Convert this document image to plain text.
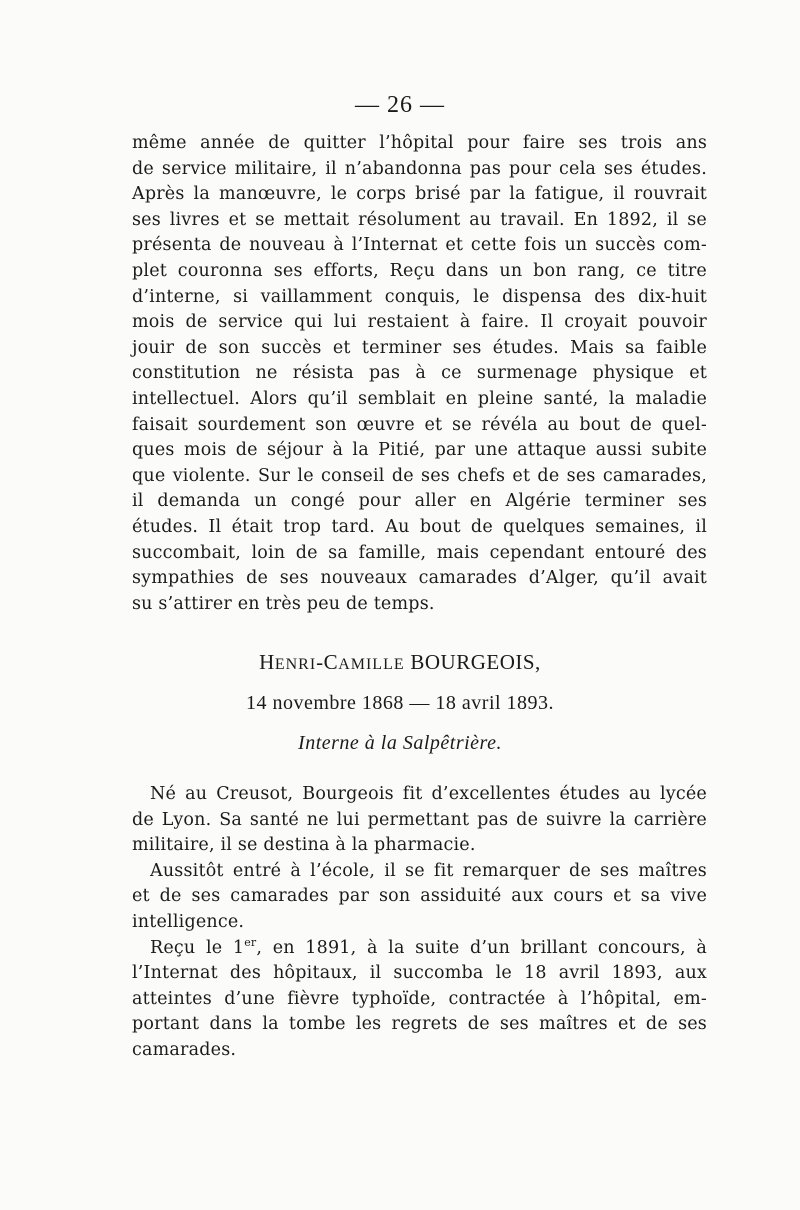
— 26 —
même année de quitter l’hôpital pour faire ses trois ans
de service militaire, il n’abandonna pas pour cela ses études.
Après la manœuvre, le corps brisé par la fatigue, il rouvrait
ses livres et se mettait résolument au travail. En 1892, il se
présenta de nouveau à l’Internat et cette fois un succès com-
plet couronna ses efforts, Reçu dans un bon rang, ce titre
d’interne, si vaillamment conquis, le dispensa des dix-huit
mois de service qui lui restaient à faire. Il croyait pouvoir
jouir de son succès et terminer ses études. Mais sa faible
constitution ne résista pas à ce surmenage physique et
intellectuel. Alors qu’il semblait en pleine santé, la maladie
faisait sourdement son œuvre et se révéla au bout de quel-
ques mois de séjour à la Pitié, par une attaque aussi subite
que violente. Sur le conseil de ses chefs et de ses camarades,
il demanda un congé pour aller en Algérie terminer ses
études. Il était trop tard. Au bout de quelques semaines, il
succombait, loin de sa famille, mais cependant entouré des
sympathies de ses nouveaux camarades d’Alger, qu’il avait
su s’attirer en très peu de temps.
HENRI-CAMILLE BOURGEOIS,
14 novembre 1868 — 18 avril 1893.
Interne à la Salpêtrière.
Né au Creusot, Bourgeois fit d’excellentes études au lycée
de Lyon. Sa santé ne lui permettant pas de suivre la carrière
militaire, il se destina à la pharmacie.
Aussitôt entré à l’école, il se fit remarquer de ses maîtres
et de ses camarades par son assiduité aux cours et sa vive
intelligence.
Reçu le 1er, en 1891, à la suite d’un brillant concours, à
l’Internat des hôpitaux, il succomba le 18 avril 1893, aux
atteintes d’une fièvre typhoïde, contractée à l’hôpital, em-
portant dans la tombe les regrets de ses maîtres et de ses
camarades.
